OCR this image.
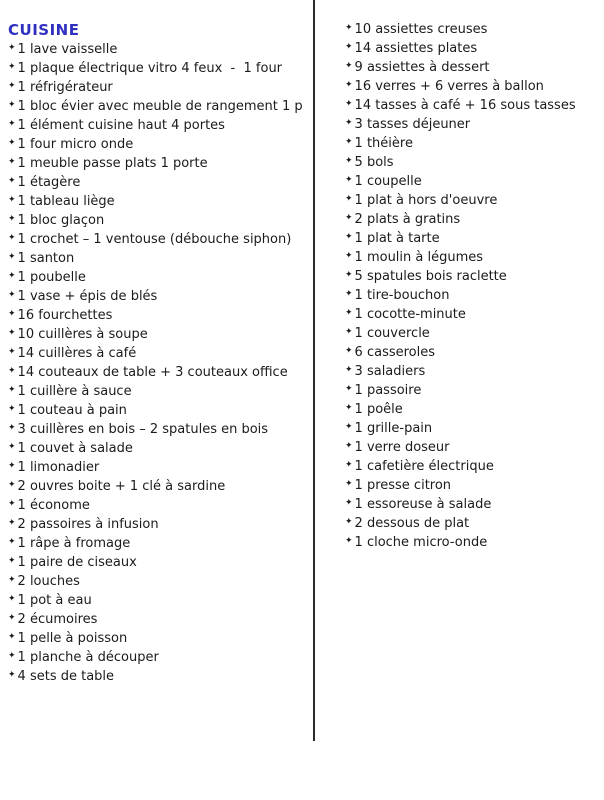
CUISINE
✦ 1 lave vaisselle
✦ 1 plaque électrique vitro 4 feux  -  1 four
✦ 1 réfrigérateur
✦ 1 bloc évier avec meuble de rangement 1 p
✦ 1 élément cuisine haut 4 portes
✦ 1 four micro onde
✦ 1 meuble passe plats 1 porte
✦ 1 étagère
✦ 1 tableau liège
✦ 1 bloc glaçon
✦ 1 crochet – 1 ventouse (débouche siphon)
✦ 1 santon
✦ 1 poubelle
✦ 1 vase + épis de blés
✦ 16 fourchettes
✦ 10 cuillères à soupe
✦ 14 cuillères à café
✦ 14 couteaux de table + 3 couteaux office
✦ 1 cuillère à sauce
✦ 1 couteau à pain
✦ 3 cuillères en bois – 2 spatules en bois
✦ 1 couvet à salade
✦ 1 limonadier
✦ 2 ouvres boite + 1 clé à sardine
✦ 1 économe
✦ 2 passoires à infusion
✦ 1 râpe à fromage
✦ 1 paire de ciseaux
✦ 2 louches
✦ 1 pot à eau
✦ 2 écumoires
✦ 1 pelle à poisson
✦ 1 planche à découper
✦ 4 sets de table
✦ 10 assiettes creuses
✦ 14 assiettes plates
✦ 9 assiettes à dessert
✦ 16 verres + 6 verres à ballon
✦ 14 tasses à café + 16 sous tasses
✦ 3 tasses déjeuner
✦ 1 théière
✦ 5 bols
✦ 1 coupelle
✦ 1 plat à hors d'oeuvre
✦ 2 plats à gratins
✦ 1 plat à tarte
✦ 1 moulin à légumes
✦ 5 spatules bois raclette
✦ 1 tire-bouchon
✦ 1 cocotte-minute
✦ 1 couvercle
✦ 6 casseroles
✦ 3 saladiers
✦ 1 passoire
✦ 1 poêle
✦ 1 grille-pain
✦ 1 verre doseur
✦ 1 cafetière électrique
✦ 1 presse citron
✦ 1 essoreuse à salade
✦ 2 dessous de plat
✦ 1 cloche micro-onde
